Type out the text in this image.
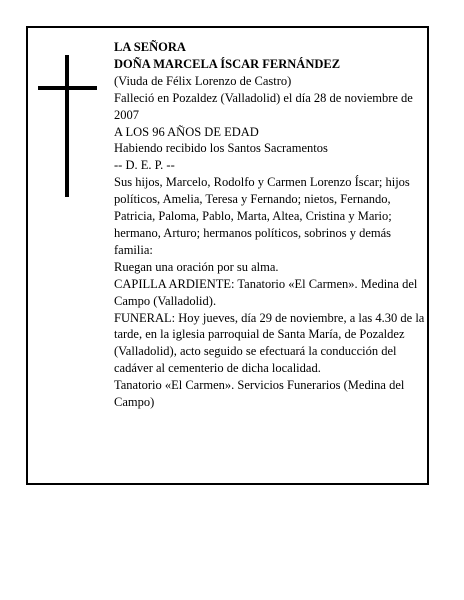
LA SEÑORA

DOÑA MARCELA ÍSCAR FERNÁNDEZ

(Viuda de Félix Lorenzo de Castro)

Falleció en Pozaldez (Valladolid) el día 28 de noviembre de 2007

A LOS 96 AÑOS DE EDAD

Habiendo recibido los Santos Sacramentos

-- D. E. P. --

Sus hijos, Marcelo, Rodolfo y Carmen Lorenzo Íscar; hijos políticos, Amelia, Teresa y Fernando; nietos, Fernando, Patricia, Paloma, Pablo, Marta, Altea, Cristina y Mario; hermano, Arturo; hermanos políticos, sobrinos y demás familia:

Ruegan una oración por su alma.

CAPILLA ARDIENTE: Tanatorio «El Carmen». Medina del Campo (Valladolid).

FUNERAL: Hoy jueves, día 29 de noviembre, a las 4.30 de la tarde, en la iglesia parroquial de Santa María, de Pozaldez (Valladolid), acto seguido se efectuará la conducción del cadáver al cementerio de dicha localidad.

Tanatorio «El Carmen». Servicios Funerarios (Medina del Campo)
